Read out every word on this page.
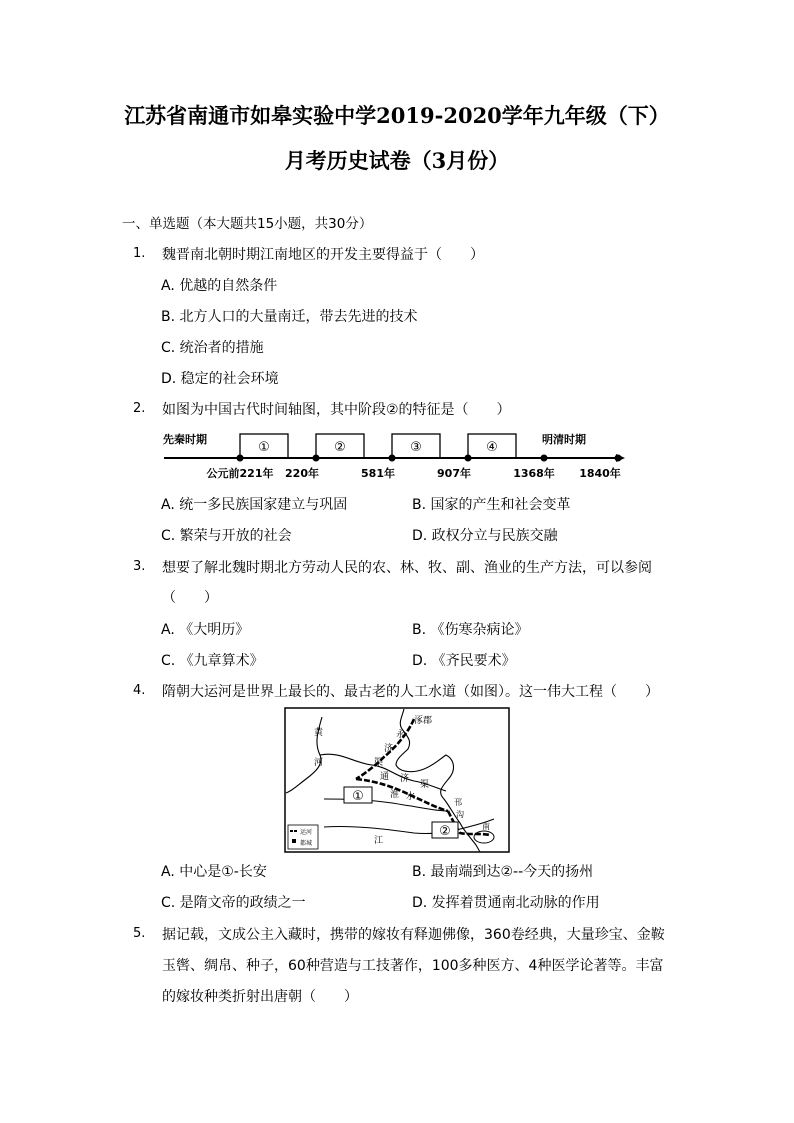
江苏省南通市如皋实验中学2019-2020学年九年级（下）
月考历史试卷（3月份）
一、单选题（本大题共15小题，共30分）
1. 魏晋南北朝时期江南地区的开发主要得益于（　　）
A. 优越的自然条件
B. 北方人口的大量南迁，带去先进的技术
C. 统治者的措施
D. 稳定的社会环境
2. 如图为中国古代时间轴图，其中阶段②的特征是（　　）
先秦时期	明清时期
①	②	③	④
公元前221年 220年	581年	907年	1368年 1840年
A. 统一多民族国家建立与巩固	B. 国家的产生和社会变革
C. 繁荣与开放的社会	D. 政权分立与民族交融
3. 想要了解北魏时期北方劳动人民的农、林、牧、副、渔业的生产方法，可以参阅
（　　）
A. 《大明历》	B. 《伤寒杂病论》
C. 《九章算术》	D. 《齐民要术》
4. 隋朝大运河是世界上最长的、最古老的人工水道（如图）。这一伟大工程（　　）
①
②
涿郡
黄
河
永
济
渠
通 济
渠
淮 水
邗
沟
南
江
运河
都城
A. 中心是①-长安	B. 最南端到达②--今天的扬州
C. 是隋文帝的政绩之一	D. 发挥着贯通南北动脉的作用
5. 据记载，文成公主入藏时，携带的嫁妆有释迦佛像，360卷经典，大量珍宝、金鞍
玉辔、绸帛、种子，60种营造与工技著作，100多种医方、4种医学论著等。丰富
的嫁妆种类折射出唐朝（　　）
